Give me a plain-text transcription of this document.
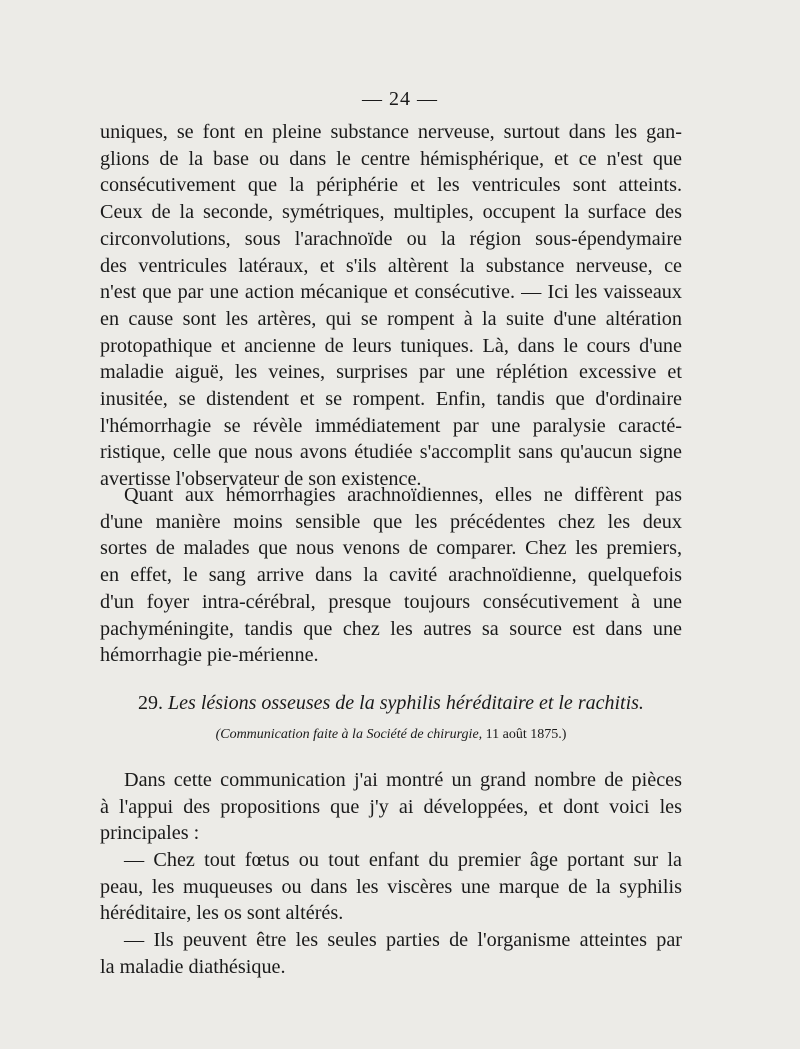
— 24 —
uniques, se font en pleine substance nerveuse, surtout dans les gan-
glions de la base ou dans le centre hémisphérique, et ce n'est que
consécutivement que la périphérie et les ventricules sont atteints.
Ceux de la seconde, symétriques, multiples, occupent la surface des
circonvolutions, sous l'arachnoïde ou la région sous-épendymaire
des ventricules latéraux, et s'ils altèrent la substance nerveuse, ce
n'est que par une action mécanique et consécutive. — Ici les vaisseaux
en cause sont les artères, qui se rompent à la suite d'une altération
protopathique et ancienne de leurs tuniques. Là, dans le cours d'une
maladie aiguë, les veines, surprises par une réplétion excessive et
inusitée, se distendent et se rompent. Enfin, tandis que d'ordinaire
l'hémorrhagie se révèle immédiatement par une paralysie caracté-
ristique, celle que nous avons étudiée s'accomplit sans qu'aucun signe
avertisse l'observateur de son existence.
Quant aux hémorrhagies arachnoïdiennes, elles ne diffèrent pas
d'une manière moins sensible que les précédentes chez les deux
sortes de malades que nous venons de comparer. Chez les premiers,
en effet, le sang arrive dans la cavité arachnoïdienne, quelquefois
d'un foyer intra-cérébral, presque toujours consécutivement à une
pachyméningite, tandis que chez les autres sa source est dans une
hémorrhagie pie-mérienne.
29. Les lésions osseuses de la syphilis héréditaire et le rachitis.
(Communication faite à la Société de chirurgie, 11 août 1875.)
Dans cette communication j'ai montré un grand nombre de pièces
à l'appui des propositions que j'y ai développées, et dont voici les
principales :
— Chez tout fœtus ou tout enfant du premier âge portant sur la
peau, les muqueuses ou dans les viscères une marque de la syphilis
héréditaire, les os sont altérés.
— Ils peuvent être les seules parties de l'organisme atteintes par
la maladie diathésique.
